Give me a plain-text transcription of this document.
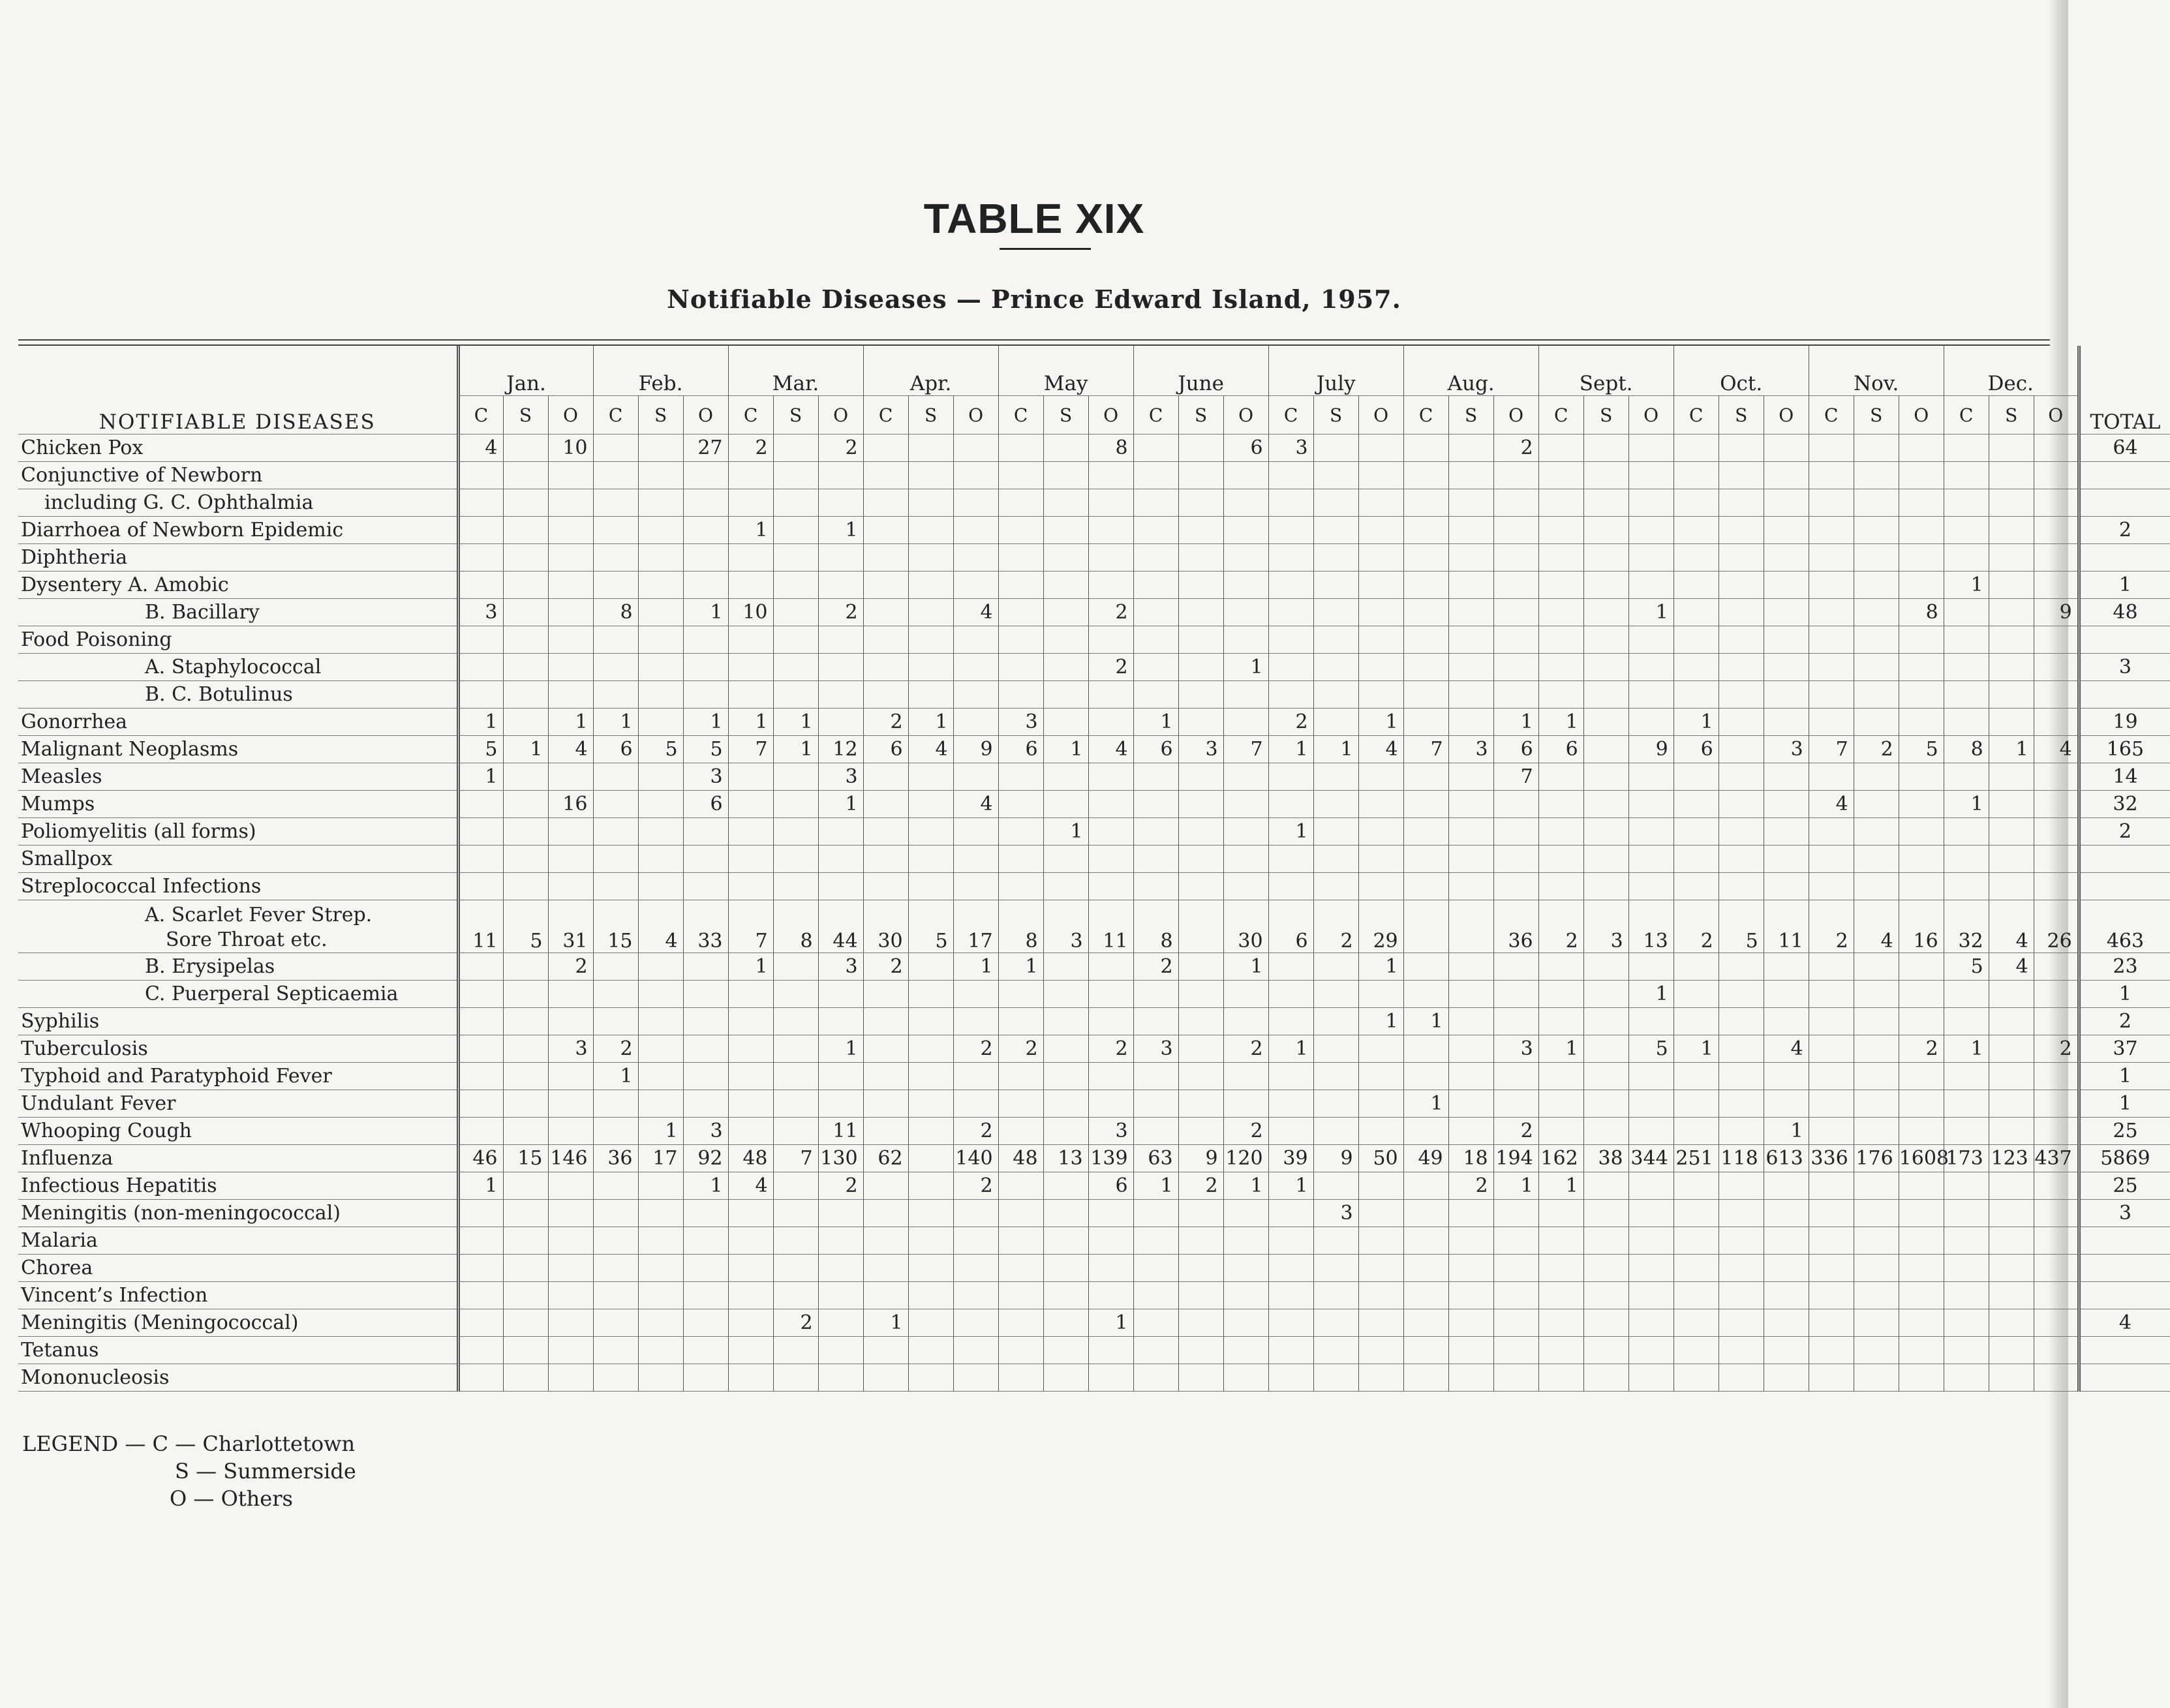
TABLE XIX
Notifiable Diseases — Prince Edward Island, 1957.
NOTIFIABLE DISEASES	Jan.			Feb.			Mar.			Apr.			May			June			July			Aug.			Sept.			Oct.			Nov.			Dec.			TOTAL
	C	S	O	C	S	O	C	S	O	C	S	O	C	S	O	C	S	O	C	S	O	C	S	O	C	S	O	C	S	O	C	S	O	C	S	O	
Chicken Pox	4		10			27	2		2						8			6	3					2													64
Conjunctive of Newborn																																					
including G. C. Ophthalmia																																					
Diarrhoea of Newborn Epidemic							1		1																												2
Diphtheria																																					
Dysentery A. Amobic																																		1			1
B. Bacillary	3			8		1	10		2			4			2												1						8			9	48
Food Poisoning																																					
A. Staphylococcal															2			1																			3
B. C. Botulinus																																					
Gonorrhea	1		1	1		1	1	1		2	1		3			1			2		1			1	1			1									19
Malignant Neoplasms	5	1	4	6	5	5	7	1	12	6	4	9	6	1	4	6	3	7	1	1	4	7	3	6	6		9	6		3	7	2	5	8	1	4	165
Measles	1					3			3															7													14
Mumps			16			6			1			4																			4			1			32
Poliomyelitis (all forms)														1					1																		2
Smallpox																																					
Streplococcal Infections																																					

A. Scarlet Fever Strep.
Sore Throat etc.	11	5	31	15	4	33	7	8	44	30	5	17	8	3	11	8		30	6	2	29			36	2	3	13	2	5	11	2	4	16	32	4	26	463
B. Erysipelas			2				1		3	2		1	1			2		1			1													5	4		23
C. Puerperal Septicaemia																											1										1
Syphilis																					1	1															2
Tuberculosis			3	2					1			2	2		2	3		2	1					3	1		5	1		4			2	1		2	37
Typhoid and Paratyphoid Fever				1																																	1
Undulant Fever																						1															1
Whooping Cough					1	3			11			2			3			2						2						1							25
Influenza	46	15	146	36	17	92	48	7	130	62		140	48	13	139	63	9	120	39	9	50	49	18	194	162	38	344	251	118	613	336	176	1608	173	123	437	5869
Infectious Hepatitis	1					1	4		2			2			6	1	2	1	1				2	1	1												25
Meningitis (non-meningococcal)																				3																	3
Malaria																																					
Chorea																																					
Vincent’s Infection																																					
Meningitis (Meningococcal)								2		1					1																						4
Tetanus																																					
Mononucleosis																																					
LEGEND — C — Charlottetown
S — Summerside
O — Others
